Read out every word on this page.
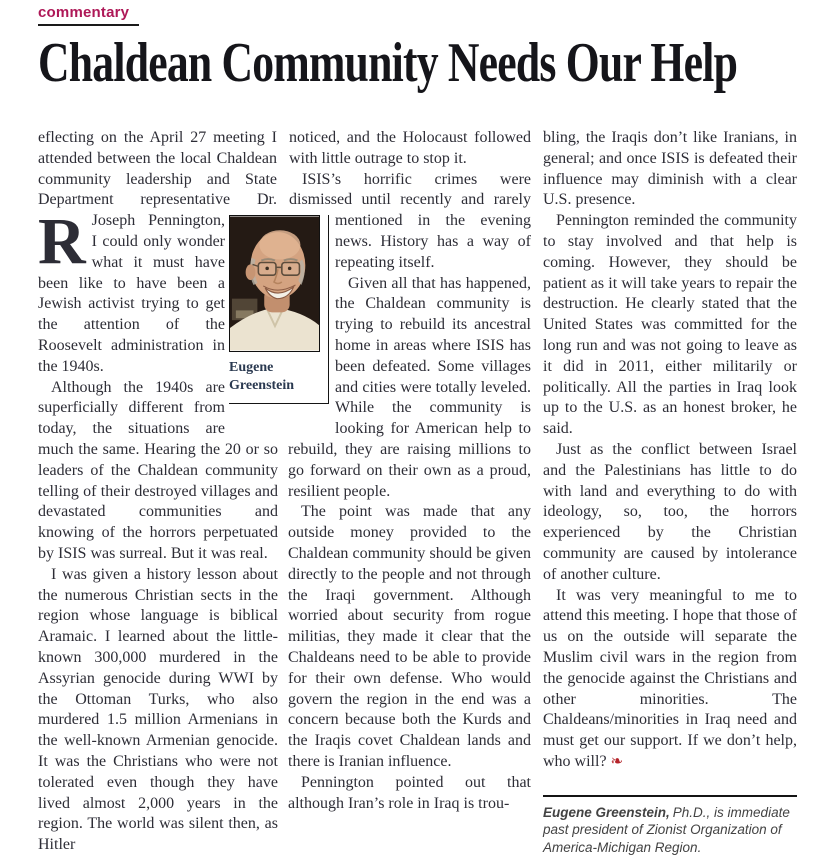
commentary
Chaldean Community Needs Our Help

R
eflecting on the April 27 meeting I attended between the local Chaldean community leadership and State Department representative Dr. Joseph Pennington, I could only wonder what it must have been like to have been a Jewish activist trying to get the attention of the Roosevelt administration in the 1940s.

Although the 1940s are superficially different from today, the situations are much the same. Hearing the 20 or so leaders of the Chaldean community telling of their destroyed villages and devastated communities and knowing of the horrors perpetuated by ISIS was surreal. But it was real.

I was given a history lesson about the numerous Christian sects in the region whose language is biblical Aramaic. I learned about the little-known 300,000 murdered in the Assyrian genocide during WWI by the Ottoman Turks, who also murdered 1.5 million Armenians in the well-known Armenian genocide. It was the Christians who were not tolerated even though they have lived almost 2,000 years in the region. The world was silent then, as Hitler

noticed, and the Holocaust followed with little outrage to stop it.

ISIS’s horrific crimes were dismissed until recently and rarely mentioned in the evening news. History has a way of repeating itself.

Given all that has happened, the Chaldean community is trying to rebuild its ancestral home in areas where ISIS has been defeated. Some villages and cities were totally leveled. While the community is looking for American help to rebuild, they are raising millions to go forward on their own as a proud, resilient people.

The point was made that any outside money provided to the Chaldean community should be given directly to the people and not through the Iraqi government. Although worried about security from rogue militias, they made it clear that the Chaldeans need to be able to provide for their own defense. Who would govern the region in the end was a concern because both the Kurds and the Iraqis covet Chaldean lands and there is Iranian influence.

Pennington pointed out that although Iran’s role in Iraq is trou-

bling, the Iraqis don’t like Iranians, in general; and once ISIS is defeated their influence may diminish with a clear U.S. presence.

Pennington reminded the community to stay involved and that help is coming. However, they should be patient as it will take years to repair the destruction. He clearly stated that the United States was committed for the long run and was not going to leave as it did in 2011, either militarily or politically. All the parties in Iraq look up to the U.S. as an honest broker, he said.

Just as the conflict between Israel and the Palestinians has little to do with land and everything to do with ideology, so, too, the horrors experienced by the Christian community are caused by intolerance of another culture.

It was very meaningful to me to attend this meeting. I hope that those of us on the outside will separate the Muslim civil wars in the region from the genocide against the Christians and other minorities. The Chaldeans/minorities in Iraq need and must get our support. If we don’t help, who will? ❧

Eugene Greenstein, Ph.D., is immediate past president of Zionist Organization of America-Michigan Region.
Eugene
Greenstein
